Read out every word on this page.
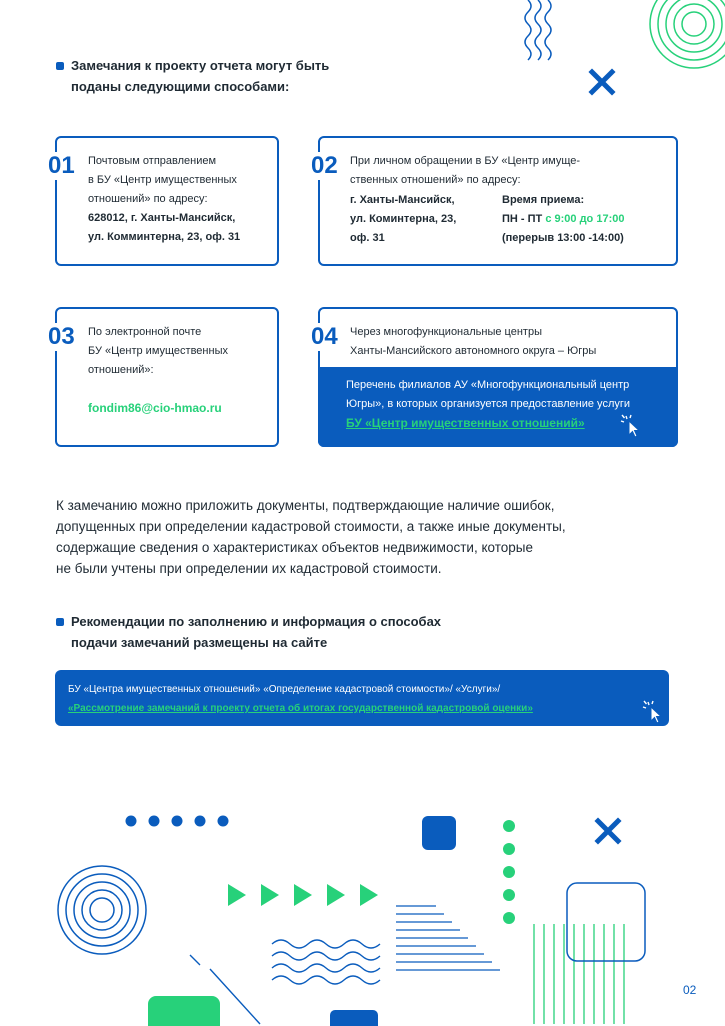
Замечания к проекту отчета могут быть
поданы следующими способами:
01 Почтовым отправлением
в БУ «Центр имущественных
отношений» по адресу:
628012, г. Ханты-Мансийск,
ул. Комминтерна, 23, оф. 31
02 При личном обращении в БУ «Центр имуще-
ственных отношений» по адресу:
г. Ханты-Мансийск,
ул. Коминтерна, 23,
оф. 31
Время приема:
ПН - ПТ с 9:00 до 17:00
(перерыв 13:00 -14:00)
03 По электронной почте
БУ «Центр имущественных
отношений»:
fondim86@cio-hmao.ru
04 Через многофункциональные центры
Ханты-Мансийского автономного округа – Югры
Перечень филиалов АУ «Многофункциональный центр
Югры», в которых организуется предоставление услуги
БУ «Центр имущественных отношений»
К замечанию можно приложить документы, подтверждающие наличие ошибок,
допущенных при определении кадастровой стоимости, а также иные документы,
содержащие сведения о характеристиках объектов недвижимости, которые
не были учтены при определении их кадастровой стоимости.
Рекомендации по заполнению и информация о способах
подачи замечаний размещены на сайте
БУ «Центра имущественных отношений» «Определение кадастровой стоимости»/ «Услуги»/
«Рассмотрение замечаний к проекту отчета об итогах государственной кадастровой оценки»
02
